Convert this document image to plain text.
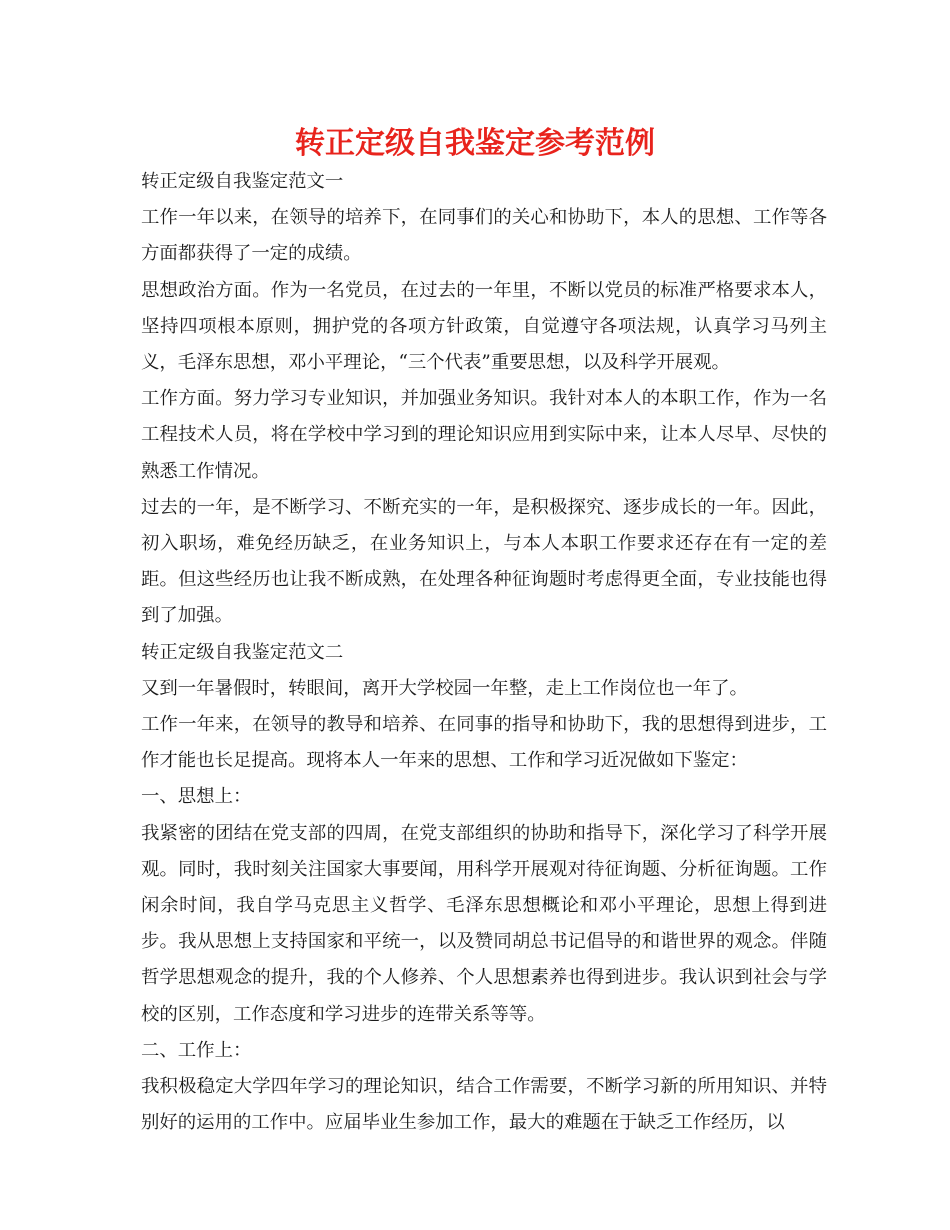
转正定级自我鉴定参考范例

转正定级自我鉴定范文一

工作一年以来，在领导的培养下，在同事们的关心和协助下，本人的思想、工作等各方面都获得了一定的成绩。

思想政治方面。作为一名党员，在过去的一年里，不断以党员的标准严格要求本人，坚持四项根本原则，拥护党的各项方针政策，自觉遵守各项法规，认真学习马列主义，毛泽东思想，邓小平理论，“三个代表”重要思想，以及科学开展观。

工作方面。努力学习专业知识，并加强业务知识。我针对本人的本职工作，作为一名工程技术人员，将在学校中学习到的理论知识应用到实际中来，让本人尽早、尽快的熟悉工作情况。

过去的一年，是不断学习、不断充实的一年，是积极探究、逐步成长的一年。因此，初入职场，难免经历缺乏，在业务知识上，与本人本职工作要求还存在有一定的差距。但这些经历也让我不断成熟，在处理各种征询题时考虑得更全面，专业技能也得到了加强。

转正定级自我鉴定范文二

又到一年暑假时，转眼间，离开大学校园一年整，走上工作岗位也一年了。

工作一年来，在领导的教导和培养、在同事的指导和协助下，我的思想得到进步，工作才能也长足提高。现将本人一年来的思想、工作和学习近况做如下鉴定：

一、思想上：

我紧密的团结在党支部的四周，在党支部组织的协助和指导下，深化学习了科学开展观。同时，我时刻关注国家大事要闻，用科学开展观对待征询题、分析征询题。工作闲余时间，我自学马克思主义哲学、毛泽东思想概论和邓小平理论，思想上得到进步。我从思想上支持国家和平统一，以及赞同胡总书记倡导的和谐世界的观念。伴随哲学思想观念的提升，我的个人修养、个人思想素养也得到进步。我认识到社会与学校的区别，工作态度和学习进步的连带关系等等。

二、工作上：

我积极稳定大学四年学习的理论知识，结合工作需要，不断学习新的所用知识、并特别好的运用的工作中。应届毕业生参加工作，最大的难题在于缺乏工作经历，以
